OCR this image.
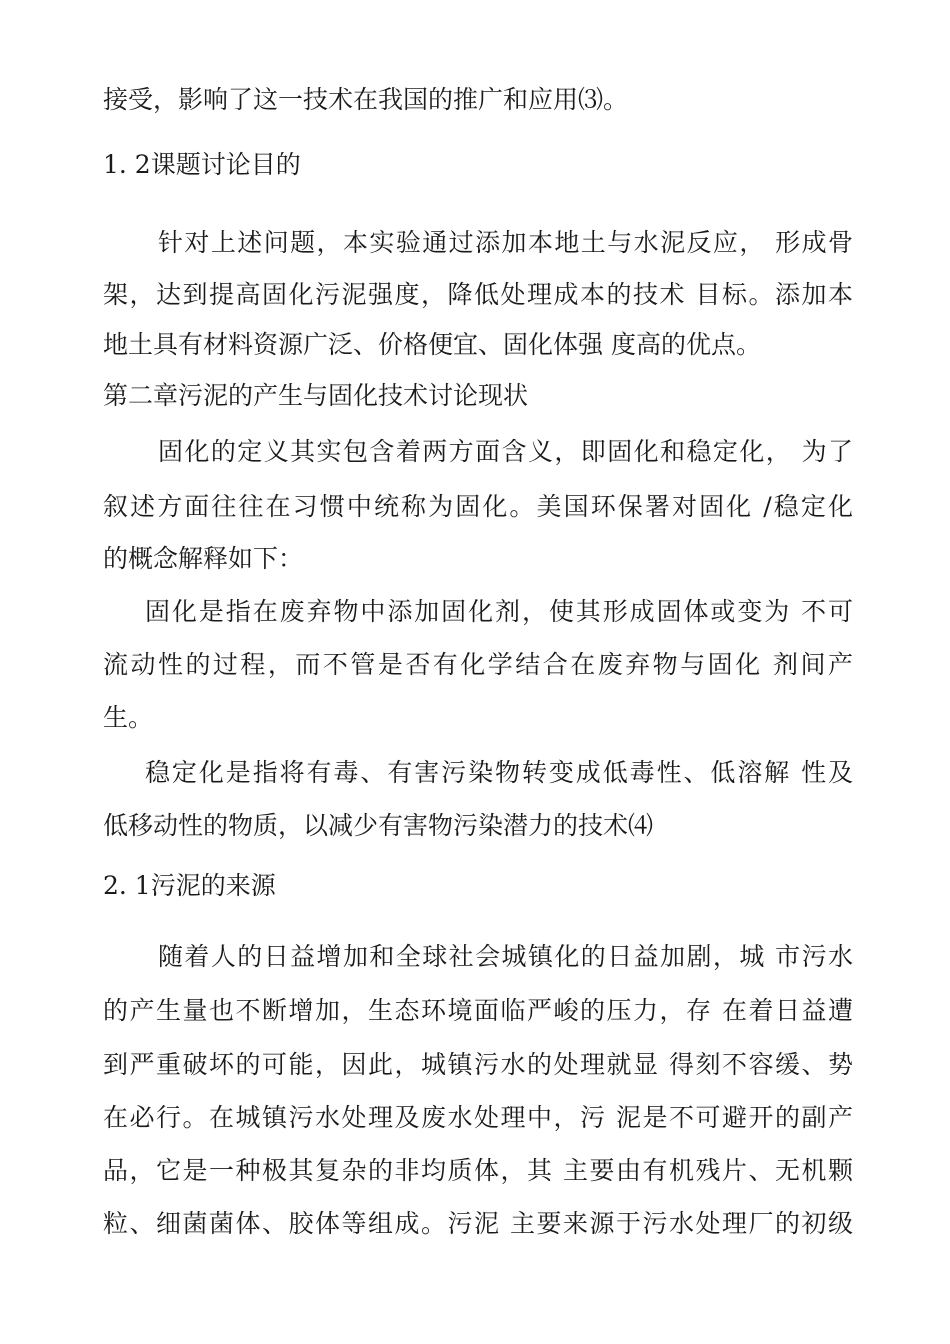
接受，影响了这一技术在我国的推广和应用⑶。
1. 2课题讨论目的
针对上述问题，本实验通过添加本地土与水泥反应， 形成骨
架，达到提高固化污泥强度，降低处理成本的技术 目标。添加本
地土具有材料资源广泛、价格便宜、固化体强 度高的优点。
第二章污泥的产生与固化技术讨论现状
固化的定义其实包含着两方面含义，即固化和稳定化， 为了
叙述方面往往在习惯中统称为固化。美国环保署对固化 /稳定化
的概念解释如下：
固化是指在废弃物中添加固化剂，使其形成固体或变为 不可
流动性的过程，而不管是否有化学结合在废弃物与固化 剂间产
生。
稳定化是指将有毒、有害污染物转变成低毒性、低溶解 性及
低移动性的物质，以减少有害物污染潜力的技术⑷
2. 1污泥的来源
随着人的日益增加和全球社会城镇化的日益加剧，城 市污水
的产生量也不断增加，生态环境面临严峻的压力，存 在着日益遭
到严重破坏的可能，因此，城镇污水的处理就显 得刻不容缓、势
在必行。在城镇污水处理及废水处理中，污 泥是不可避开的副产
品，它是一种极其复杂的非均质体，其 主要由有机残片、无机颗
粒、细菌菌体、胶体等组成。污泥 主要来源于污水处理厂的初级
